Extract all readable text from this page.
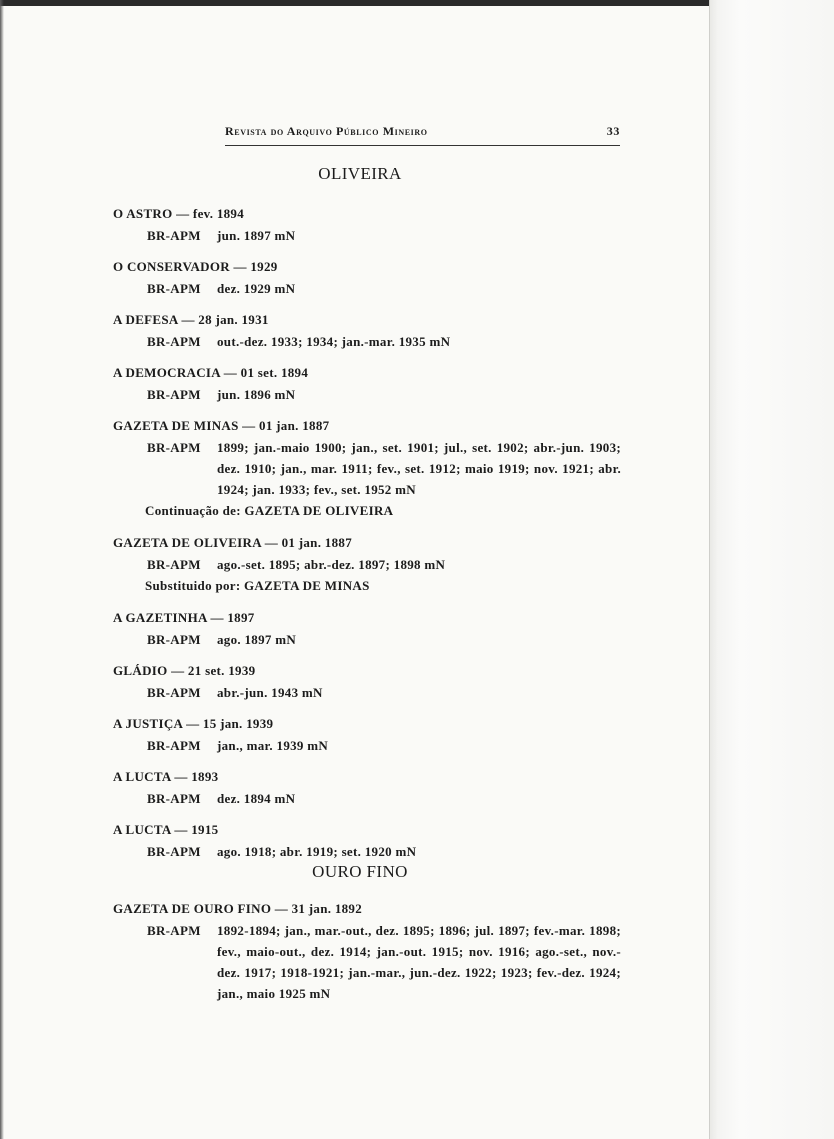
Revista do Arquivo Público Mineiro	33
OLIVEIRA
O ASTRO — fev. 1894
BR-APM	jun. 1897 mN
O CONSERVADOR — 1929
BR-APM	dez. 1929 mN
A DEFESA — 28 jan. 1931
BR-APM	out.-dez. 1933; 1934; jan.-mar. 1935 mN
A DEMOCRACIA — 01 set. 1894
BR-APM	jun. 1896 mN
GAZETA DE MINAS — 01 jan. 1887
BR-APM	1899; jan.-maio 1900; jan., set. 1901; jul., set. 1902; abr.-jun. 1903; dez. 1910; jan., mar. 1911; fev., set. 1912; maio 1919; nov. 1921; abr. 1924; jan. 1933; fev., set. 1952 mN
Continuação de: GAZETA DE OLIVEIRA
GAZETA DE OLIVEIRA — 01 jan. 1887
BR-APM	ago.-set. 1895; abr.-dez. 1897; 1898 mN
Substituido por: GAZETA DE MINAS
A GAZETINHA — 1897
BR-APM	ago. 1897 mN
GLÁDIO — 21 set. 1939
BR-APM	abr.-jun. 1943 mN
A JUSTIÇA — 15 jan. 1939
BR-APM	jan., mar. 1939 mN
A LUCTA — 1893
BR-APM	dez. 1894 mN
A LUCTA — 1915
BR-APM	ago. 1918; abr. 1919; set. 1920 mN
OURO FINO
GAZETA DE OURO FINO — 31 jan. 1892
BR-APM	1892-1894; jan., mar.-out., dez. 1895; 1896; jul. 1897; fev.-mar. 1898; fev., maio-out., dez. 1914; jan.-out. 1915; nov. 1916; ago.-set., nov.-dez. 1917; 1918-1921; jan.-mar., jun.-dez. 1922; 1923; fev.-dez. 1924; jan., maio 1925 mN
